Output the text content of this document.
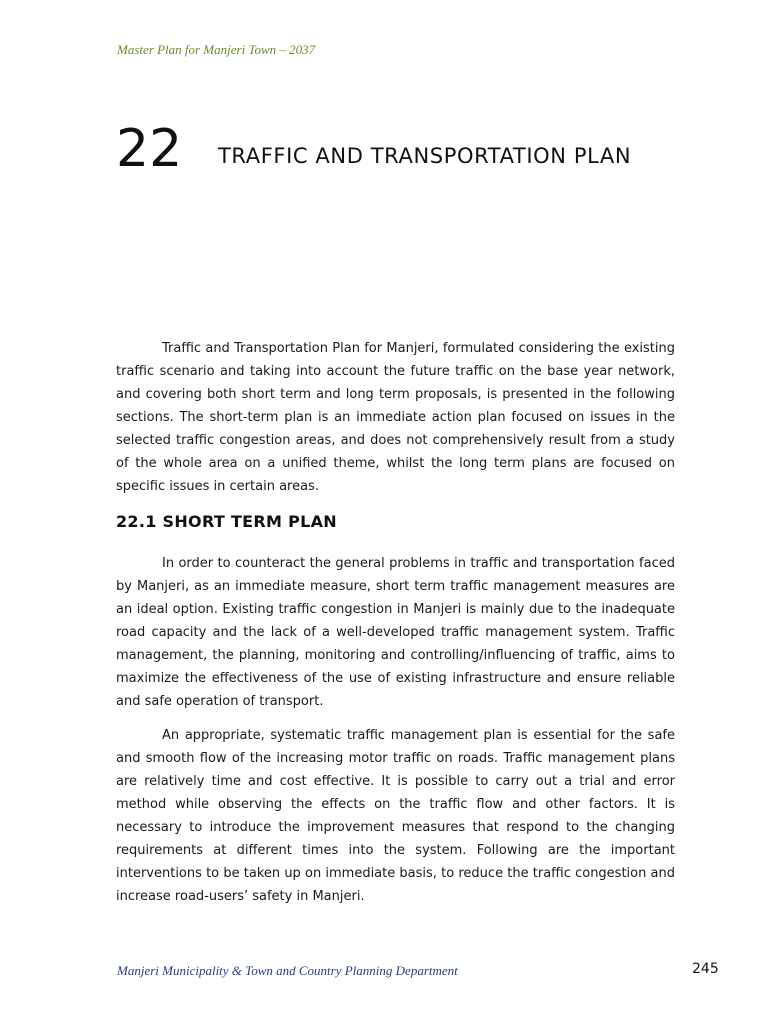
Master Plan for Manjeri Town – 2037
22 TRAFFIC AND TRANSPORTATION PLAN

Traffic and Transportation Plan for Manjeri, formulated considering the existing traffic scenario and taking into account the future traffic on the base year network, and covering both short term and long term proposals, is presented in the following sections. The short-term plan is an immediate action plan focused on issues in the selected traffic congestion areas, and does not comprehensively result from a study of the whole area on a unified theme, whilst the long term plans are focused on specific issues in certain areas.

22.1 SHORT TERM PLAN

In order to counteract the general problems in traffic and transportation faced by Manjeri, as an immediate measure, short term traffic management measures are an ideal option. Existing traffic congestion in Manjeri is mainly due to the inadequate road capacity and the lack of a well-developed traffic management system. Traffic management, the planning, monitoring and controlling/influencing of traffic, aims to maximize the effectiveness of the use of existing infrastructure and ensure reliable and safe operation of transport.

An appropriate, systematic traffic management plan is essential for the safe and smooth flow of the increasing motor traffic on roads. Traffic management plans are relatively time and cost effective. It is possible to carry out a trial and error method while observing the effects on the traffic flow and other factors. It is necessary to introduce the improvement measures that respond to the changing requirements at different times into the system. Following are the important interventions to be taken up on immediate basis, to reduce the traffic congestion and increase road-users’ safety in Manjeri.

Manjeri Municipality & Town and Country Planning Department	245
